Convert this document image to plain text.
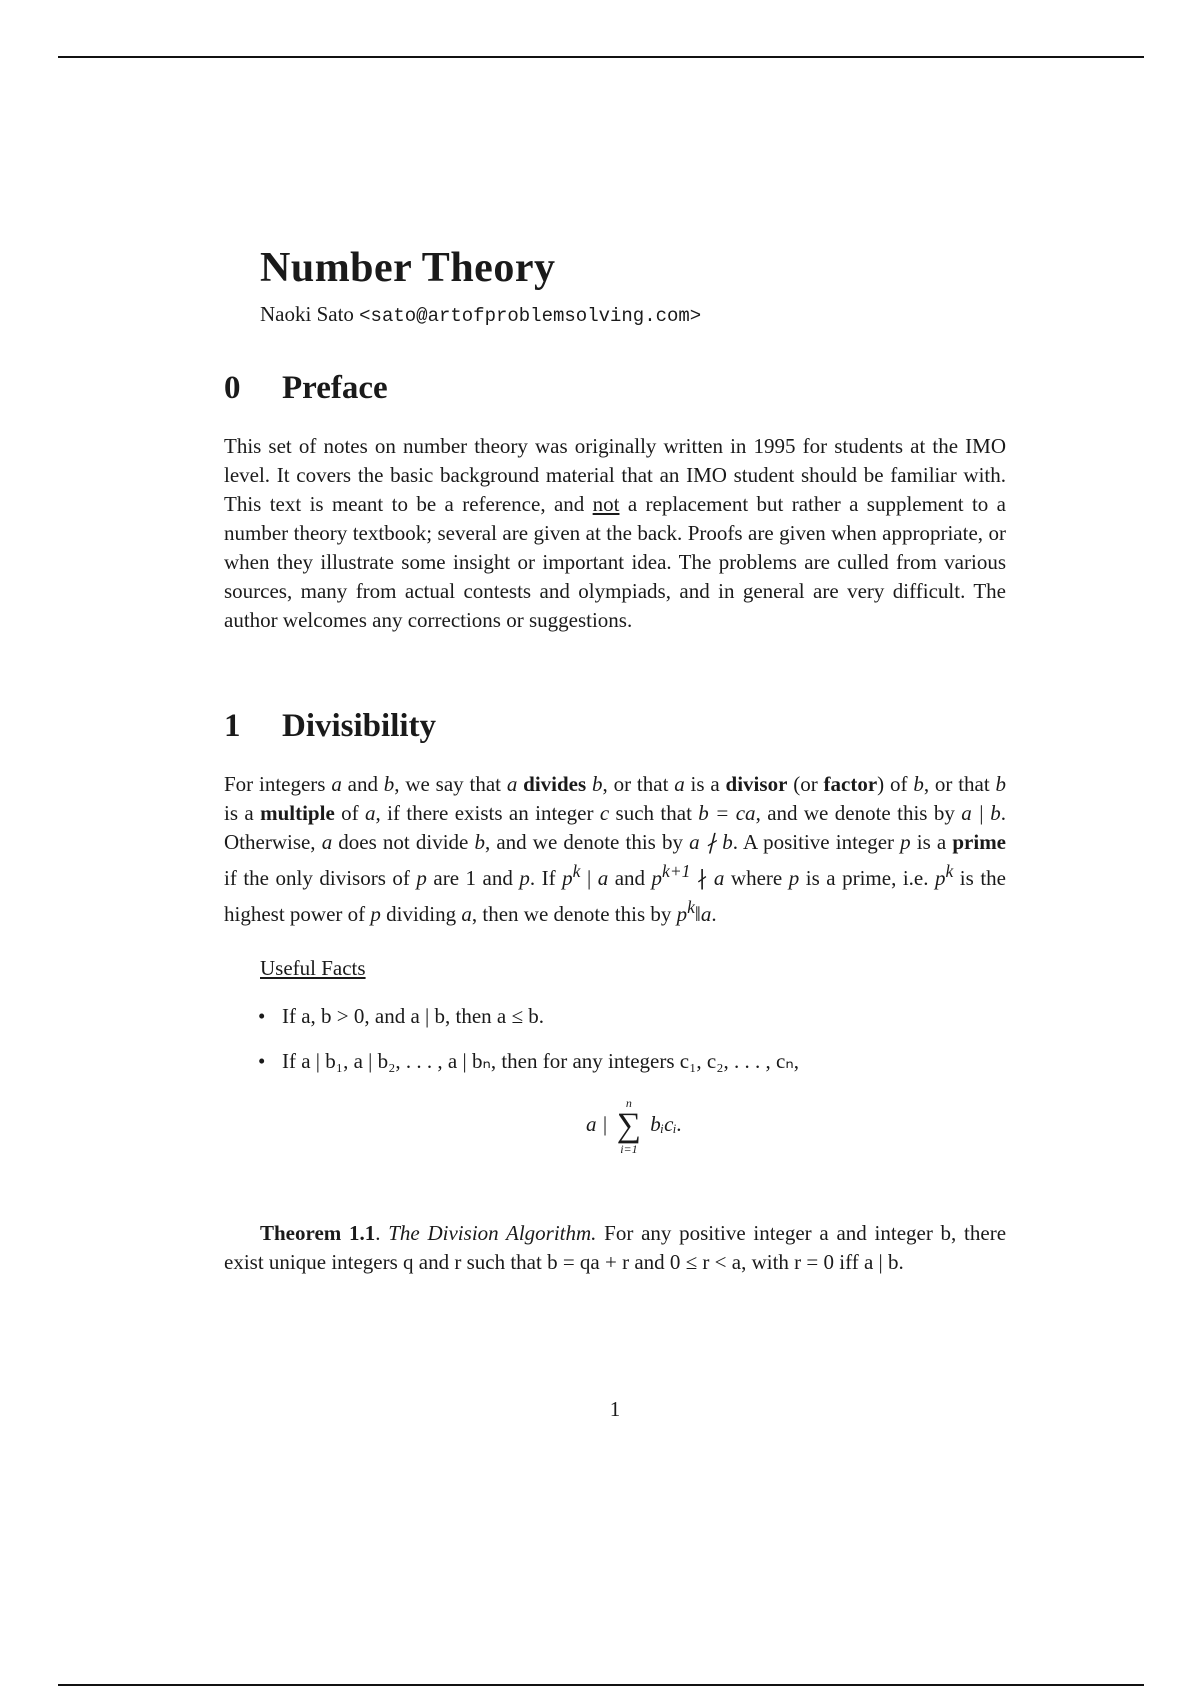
Number Theory
Naoki Sato <sato@artofproblemsolving.com>
0 Preface

This set of notes on number theory was originally written in 1995 for students at the IMO level. It covers the basic background material that an IMO student should be familiar with. This text is meant to be a reference, and not a replacement but rather a supplement to a number theory textbook; several are given at the back. Proofs are given when appropriate, or when they illustrate some insight or important idea. The problems are culled from various sources, many from actual contests and olympiads, and in general are very difficult. The author welcomes any corrections or suggestions.

1 Divisibility

For integers a and b, we say that a divides b, or that a is a divisor (or factor) of b, or that b is a multiple of a, if there exists an integer c such that b = ca, and we denote this by a | b. Otherwise, a does not divide b, and we denote this by a ∤ b. A positive integer p is a prime if the only divisors of p are 1 and p. If $p^k$ | a and $p^{k+1}$ ∤ a where p is a prime, i.e. $p^k$ is the highest power of p dividing a, then we denote this by $p^k‖a$.

Useful Facts
• If a, b > 0, and a | b, then a ≤ b.
• If a | b₁, a | b₂, . . . , a | bₙ, then for any integers c₁, c₂, . . . , cₙ,
a |
n
∑
i=1
bᵢcᵢ.

Theorem 1.1. The Division Algorithm. For any positive integer a and integer b, there exist unique integers q and r such that b = qa + r and 0 ≤ r < a, with r = 0 iff a | b.

1
